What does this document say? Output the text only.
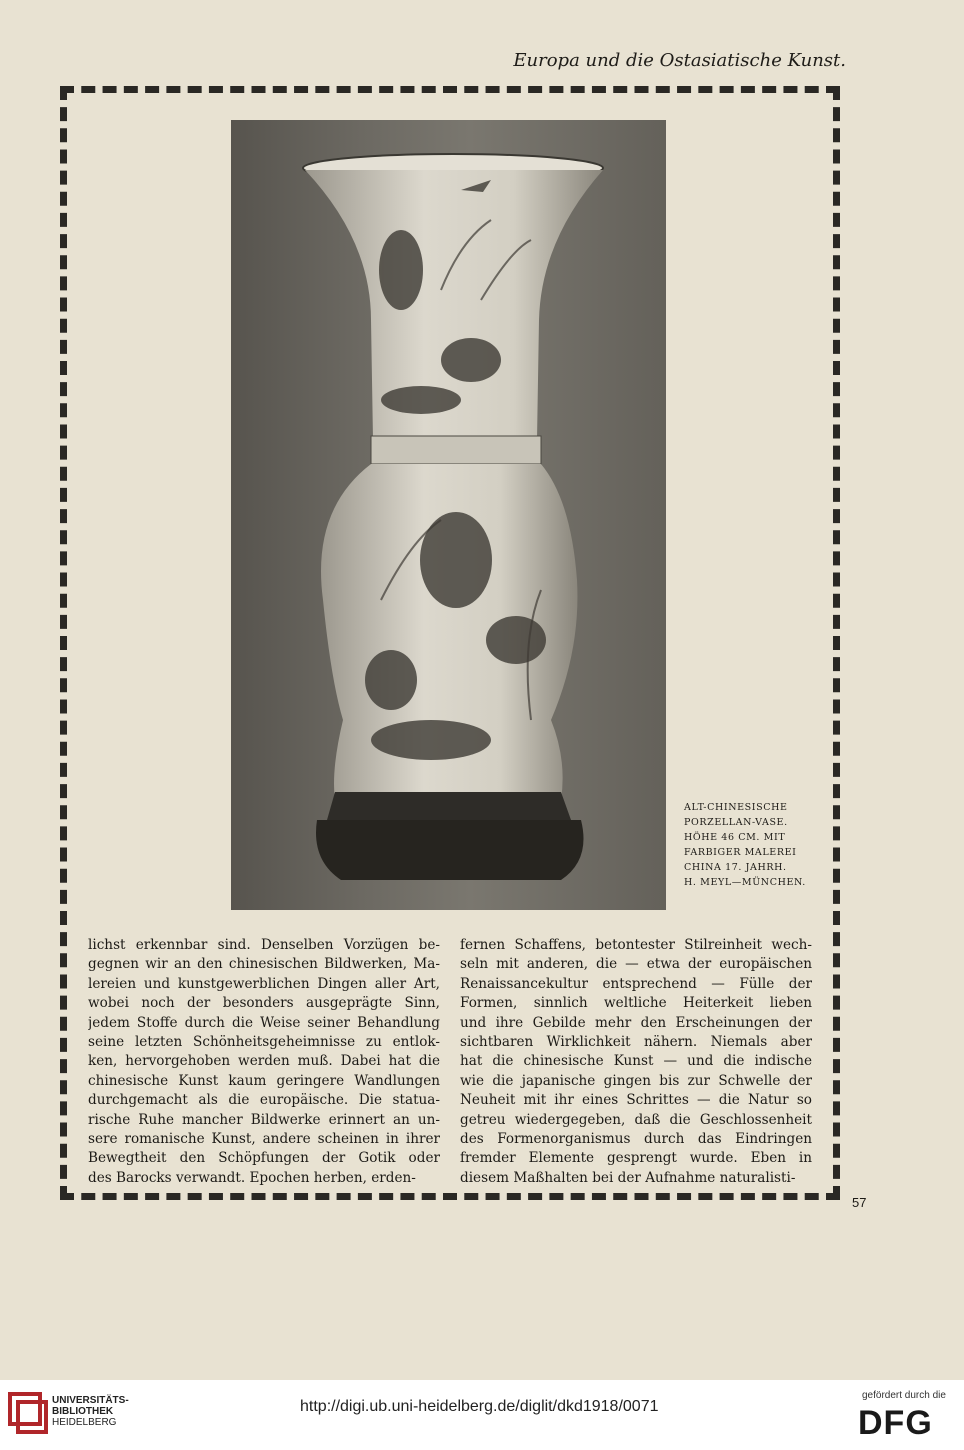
Europa und die Ostasiatische Kunst.
ALT-CHINESISCHE
PORZELLAN-VASE.
HÖHE 46 CM. MIT
FARBIGER MALEREI
CHINA 17. JAHRH.
H. MEYL—MÜNCHEN.
lichst erkennbar sind. Denselben Vorzügen be-
gegnen wir an den chinesischen Bildwerken, Ma-
lereien und kunstgewerblichen Dingen aller Art,
wobei noch der besonders ausgeprägte Sinn,
jedem Stoffe durch die Weise seiner Behandlung
seine letzten Schönheitsgeheimnisse zu entlok-
ken, hervorgehoben werden muß. Dabei hat die
chinesische Kunst kaum geringere Wandlungen
durchgemacht als die europäische. Die statua-
rische Ruhe mancher Bildwerke erinnert an un-
sere romanische Kunst, andere scheinen in ihrer
Bewegtheit den Schöpfungen der Gotik oder
des Barocks verwandt. Epochen herben, erden-
fernen Schaffens, betontester Stilreinheit wech-
seln mit anderen, die — etwa der europäischen
Renaissancekultur entsprechend — Fülle der
Formen, sinnlich weltliche Heiterkeit lieben
und ihre Gebilde mehr den Erscheinungen der
sichtbaren Wirklichkeit nähern. Niemals aber
hat die chinesische Kunst — und die indische
wie die japanische gingen bis zur Schwelle der
Neuheit mit ihr eines Schrittes — die Natur so
getreu wiedergegeben, daß die Geschlossenheit
des Formenorganismus durch das Eindringen
fremder Elemente gesprengt wurde. Eben in
diesem Maßhalten bei der Aufnahme naturalisti-
57
UNIVERSITÄTS-
BIBLIOTHEK
HEIDELBERG
http://digi.ub.uni-heidelberg.de/diglit/dkd1918/0071
gefördert durch die
DFG
